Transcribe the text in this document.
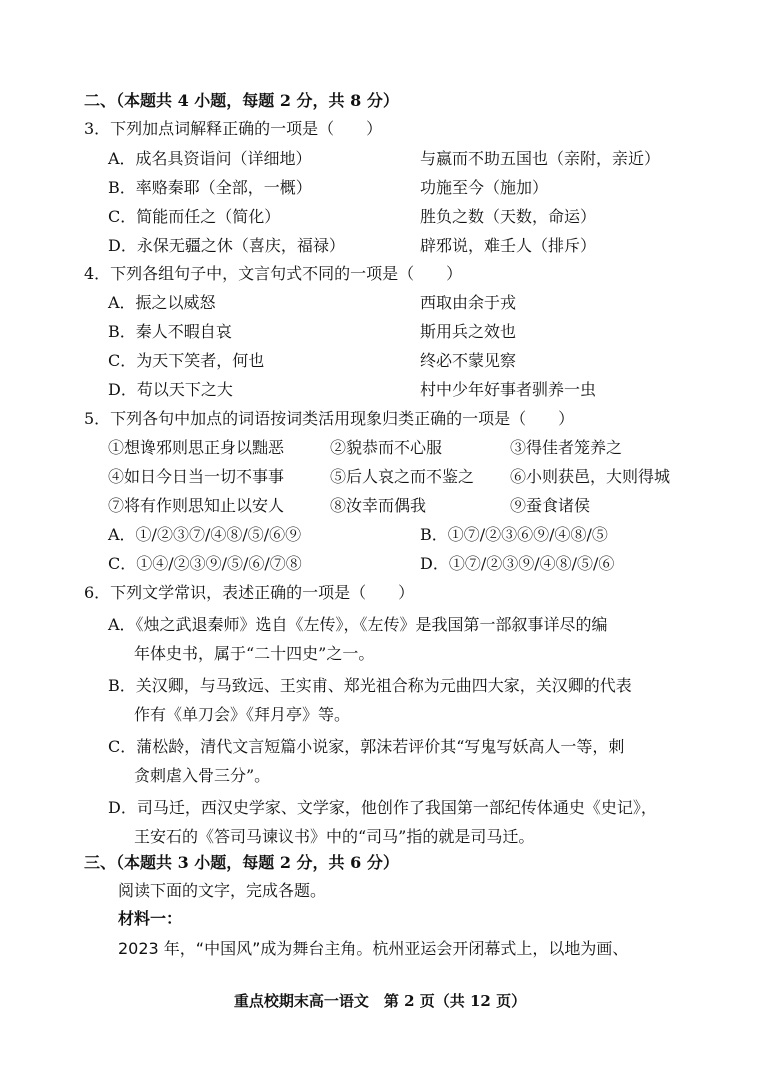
二、（本题共 4 小题，每题 2 分，共 8 分）
3．下列加点词解释正确的一项是（　　）
A．成名具资诣问（详细地）	与嬴而不助五国也（亲附，亲近）
B．率赂秦耶（全部，一概）	功施至今（施加）
C．简能而任之（简化）	胜负之数（天数，命运）
D．永保无疆之休（喜庆，福禄）	辟邪说，难壬人（排斥）
4．下列各组句子中，文言句式不同的一项是（　　）
A．振之以威怒	西取由余于戎
B．秦人不暇自哀	斯用兵之效也
C．为天下笑者，何也	终必不蒙见察
D．苟以天下之大	村中少年好事者驯养一虫
5．下列各句中加点的词语按词类活用现象归类正确的一项是（　　）
①想谗邪则思正身以黜恶	②貌恭而不心服	③得佳者笼养之
④如日今日当一切不事事	⑤后人哀之而不鉴之 ⑥小则获邑，大则得城
⑦将有作则思知止以安人	⑧汝幸而偶我	⑨蚕食诸侯
A．①/②③⑦/④⑧/⑤/⑥⑨	B．①⑦/②③⑥⑨/④⑧/⑤
C．①④/②③⑨/⑤/⑥/⑦⑧	D．①⑦/②③⑨/④⑧/⑤/⑥
6．下列文学常识，表述正确的一项是（　　）
A．《烛之武退秦师》选自《左传》，《左传》是我国第一部叙事详尽的编
年体史书，属于“二十四史”之一。
B．关汉卿，与马致远、王实甫、郑光祖合称为元曲四大家，关汉卿的代表
作有《单刀会》《拜月亭》等。
C．蒲松龄，清代文言短篇小说家，郭沫若评价其“写鬼写妖高人一等，刺
贪刺虐入骨三分”。
D．司马迁，西汉史学家、文学家，他创作了我国第一部纪传体通史《史记》，
王安石的《答司马谏议书》中的“司马”指的就是司马迁。
三、（本题共 3 小题，每题 2 分，共 6 分）
阅读下面的文字，完成各题。
材料一：
2023 年，“中国风”成为舞台主角。杭州亚运会开闭幕式上，以地为画、
重点校期末高一语文　第 2 页（共 12 页）
